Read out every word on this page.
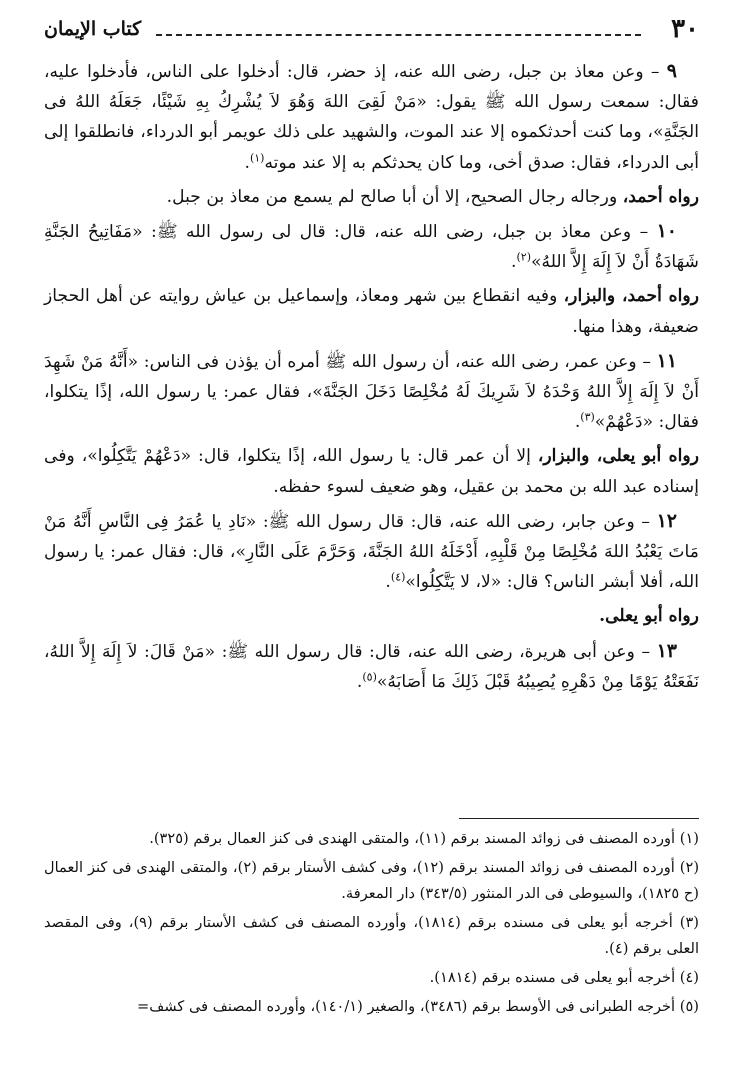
٣٠
كتاب الإيمان

٩ – وعن معاذ بن جبل، رضى الله عنه، إذ حضر، قال: أدخلوا على الناس، فأدخلوا عليه، فقال: سمعت رسول الله ﷺ يقول: «مَنْ لَقِىَ اللهَ وَهُوَ لاَ يُشْرِكُ بِهِ شَيْئًا، جَعَلَهُ اللهُ فى الجَنَّةِ»، وما كنت أحدثكموه إلا عند الموت، والشهيد على ذلك عويمر أبو الدرداء، فانطلقوا إلى أبى الدرداء، فقال: صدق أخى، وما كان يحدثكم به إلا عند موته$^{(١)}$.

رواه أحمد، ورجاله رجال الصحيح، إلا أن أبا صالح لم يسمع من معاذ بن جبل.

١٠ – وعن معاذ بن جبل، رضى الله عنه، قال: قال لى رسول الله ﷺ: «مَفَاتِيحُ الجَنَّةِ شَهَادَةُ أَنْ لاَ إِلَهَ إِلاَّ اللهُ»$^{(٢)}$.

رواه أحمد، والبزار، وفيه انقطاع بين شهر ومعاذ، وإسماعيل بن عياش روايته عن أهل الحجاز ضعيفة، وهذا منها.

١١ – وعن عمر، رضى الله عنه، أن رسول الله ﷺ أمره أن يؤذن فى الناس: «أَنَّهُ مَنْ شَهِدَ أَنْ لاَ إِلَهَ إِلاَّ اللهُ وَحْدَهُ لاَ شَرِيكَ لَهُ مُخْلِصًا دَخَلَ الجَنَّةَ»، فقال عمر: يا رسول الله، إذًا يتكلوا، فقال: «دَعْهُمْ»$^{(٣)}$.

رواه أبو يعلى، والبزار، إلا أن عمر قال: يا رسول الله، إذًا يتكلوا، قال: «دَعْهُمْ يَتَّكِلُوا»، وفى إسناده عبد الله بن محمد بن عقيل، وهو ضعيف لسوء حفظه.

١٢ – وعن جابر، رضى الله عنه، قال: قال رسول الله ﷺ: «نَادِ يا عُمَرُ فِى النَّاسِ أَنَّهُ مَنْ مَاتَ يَعْبُدُ اللهَ مُخْلِصًا مِنْ قَلْبِهِ، أَدْخَلَهُ اللهُ الجَنَّةَ، وَحَرَّمَ عَلَى النَّارِ»، قال: فقال عمر: يا رسول الله، أفلا أبشر الناس؟ قال: «لا، لا يَتَّكِلُوا»$^{(٤)}$.

رواه أبو يعلى.

١٣ – وعن أبى هريرة، رضى الله عنه، قال: قال رسول الله ﷺ: «مَنْ قَالَ: لاَ إِلَهَ إِلاَّ اللهُ، نَفَعَتْهُ يَوْمًا مِنْ دَهْرِهِ يُصِيبُهُ قَبْلَ ذَلِكَ مَا أَصَابَهُ»$^{(٥)}$.

(١) أورده المصنف فى زوائد المسند برقم (١١)، والمتقى الهندى فى كنز العمال برقم (٣٢٥).

(٢) أورده المصنف فى زوائد المسند برقم (١٢)، وفى كشف الأستار برقم (٢)، والمتقى الهندى فى كنز العمال (ح ١٨٢٥)، والسيوطى فى الدر المنثور (٣٤٣/٥) دار المعرفة.

(٣) أخرجه أبو يعلى فى مسنده برقم (١٨١٤)، وأورده المصنف فى كشف الأستار برقم (٩)، وفى المقصد العلى برقم (٤).

(٤) أخرجه أبو يعلى فى مسنده برقم (١٨١٤).

(٥) أخرجه الطبرانى فى الأوسط برقم (٣٤٨٦)، والصغير (١٤٠/١)، وأورده المصنف فى كشف=
